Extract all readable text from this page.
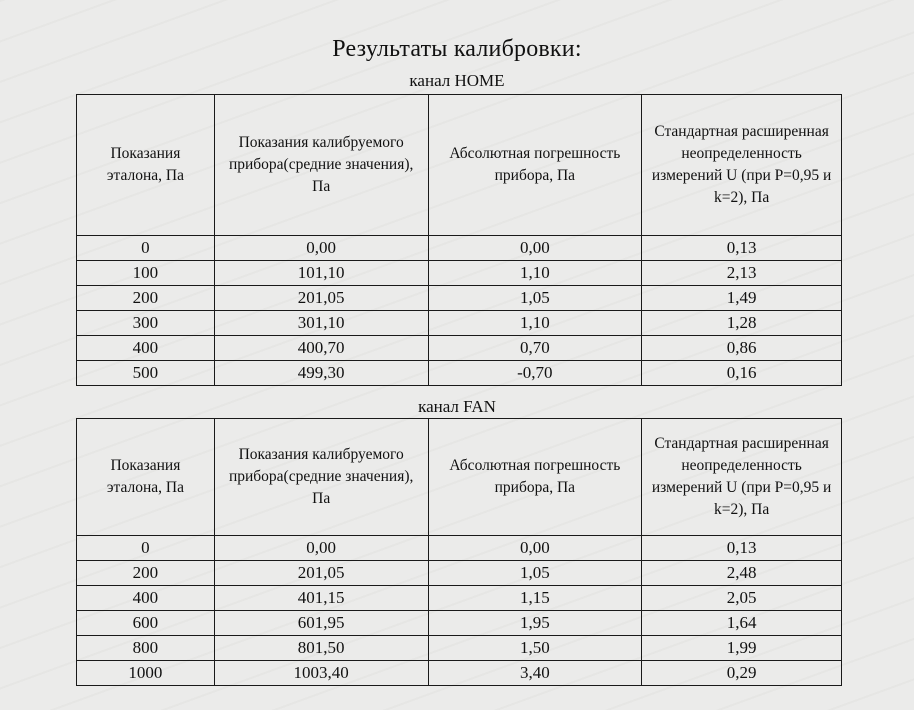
Результаты калибровки:
канал HOME
Показания эталона, Па	Показания калибруемого прибора(средние значения), Па	Абсолютная погрешность прибора, Па	Стандартная расширенная неопределенность измерений U (при P=0,95 и k=2), Па
0	0,00	0,00	0,13
100	101,10	1,10	2,13
200	201,05	1,05	1,49
300	301,10	1,10	1,28
400	400,70	0,70	0,86
500	499,30	-0,70	0,16
канал FAN
Показания эталона, Па	Показания калибруемого прибора(средние значения), Па	Абсолютная погрешность прибора, Па	Стандартная расширенная неопределенность измерений U (при P=0,95 и k=2), Па
0	0,00	0,00	0,13
200	201,05	1,05	2,48
400	401,15	1,15	2,05
600	601,95	1,95	1,64
800	801,50	1,50	1,99
1000	1003,40	3,40	0,29
